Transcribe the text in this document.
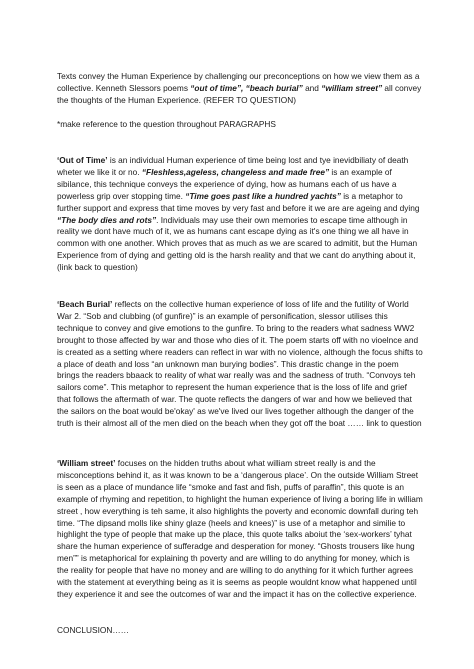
Texts convey the Human Experience by challenging our preconceptions on how we view them as a collective. Kenneth Slessors poems “out of time”, “beach burial” and “william street” all convey the thoughts of the Human Experience. (REFER TO QUESTION)

*make reference to the question throughout PARAGRAPHS

‘Out of Time’ is an individual Human experience of time being lost and tye inevidbiliaty of death wheter we like it or no. “Fleshless,ageless, changeless and made free” is an example of sibilance, this technique conveys the experience of dying, how as humans each of us have a powerless grip over stopping time. “Time goes past like a hundred yachts” is a metaphor to further support and express that time moves by very fast and before it we are are ageing and dying “The body dies and rots”. Individuals may use their own memories to escape time although in reality we dont have much of it, we as humans cant escape dying as it's one thing we all have in common with one another. Which proves that as much as we are scared to admitit, but the Human Experience from of dying and getting old is the harsh reality and that we cant do anything about it, (link back to question)

‘Beach Burial’ reflects on the collective human experience of loss of life and the futility of World War 2. “Sob and clubbing (of gunfire)” is an example of personification, slessor utilises this technique to convey and give emotions to the gunfire. To bring to the readers what sadness WW2 brought to those affected by war and those who dies of it. The poem starts off with no vioelnce and is created as a setting where readers can reflect in war with no violence, although the focus shifts to a place of death and loss “an unknown man burying bodies”. This drastic change in the poem brings the readers bbaack to reality of what war really was and the sadness of truth. “Convoys teh sailors come”. This metaphor to represent the human experience that is the loss of life and grief that follows the aftermath of war. The quote reflects the dangers of war and how we believed that the sailors on the boat would be'okay' as we've lived our lives together although the danger of the truth is their almost all of the men died on the beach when they got off the boat …… link to question

‘William street’ focuses on the hidden truths about what william street really is and the misconceptions behind it, as it was known to be a ‘dangerous place’. On the outside William Street is seen as a place of mundance life “smoke and fast and fish, puffs of paraffin”, this quote is an example of rhyming and repetition, to highlight the human experience of living a boring life in william street , how everything is teh same, it also highlights the poverty and economic downfall during teh time. “The dipsand molls like shiny glaze (heels and knees)” is use of a metaphor and similie to highlight the type of people that make up the place, this quote talks aboiut the ‘sex-workers’ tyhat share the human experience of sufferadge and desperation for money. “Ghosts trousers like hung men”” is metaphorical for explaining th poverty and are willing to do anything for money, which is the reality for people that have no money and are willing to do anything for it which further agrees with the statement at everything being as it is seems as people wouldnt know what happened until they experience it and see the outcomes of war and the impact it has on the collective experience.

CONCLUSION……
